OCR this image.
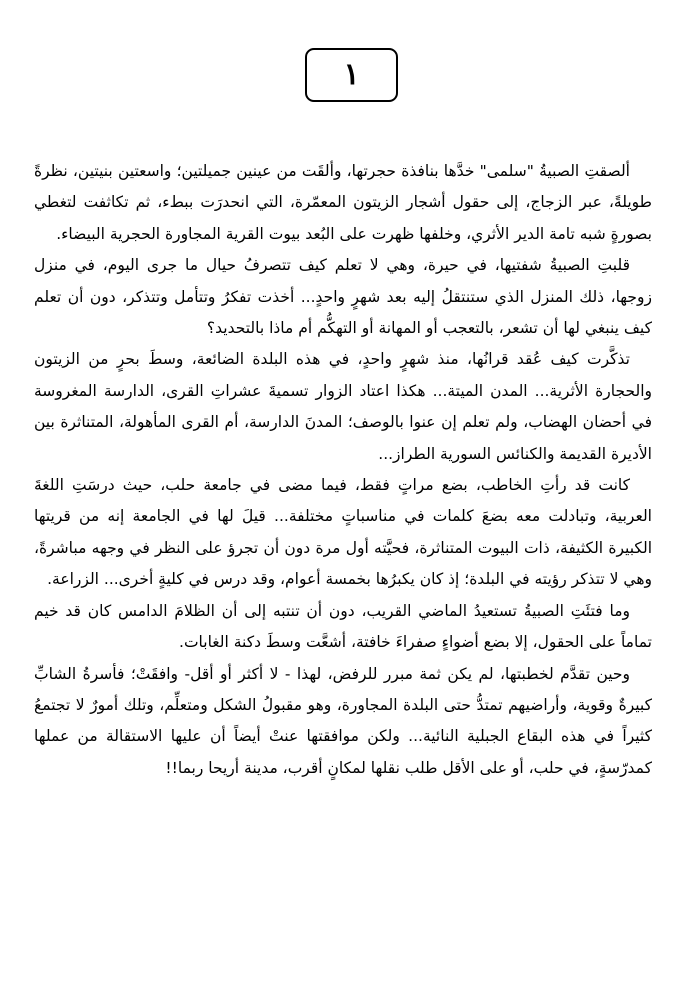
١

ألصقتِ الصبيةُ "سلمى" خدَّها بنافذة حجرتها، وألقَت من عينين جميلتين؛ واسعتين بنيتين، نظرةً طويلةً، عبر الزجاج، إلى حقول أشجار الزيتون المعمّرة، التي انحدرَت ببطء، ثم تكاثفت لتغطي بصورةٍ شبه تامة الدير الأثري، وخلفها ظهرت على البُعد بيوت القرية المجاورة الحجرية البيضاء.

قلبتِ الصبيةُ شفتيها، في حيرة، وهي لا تعلم كيف تتصرفُ حيال ما جرى اليوم، في منزل زوجها، ذلك المنزل الذي ستنتقلُ إليه بعد شهرٍ واحدٍ... أخذت تفكرُ وتتأمل وتتذكر، دون أن تعلم كيف ينبغي لها أن تشعر، بالتعجب أو المهانة أو التهكُّم أم ماذا بالتحديد؟

تذكَّرت كيف عُقد قرانُها، منذ شهرٍ واحدٍ، في هذه البلدة الضائعة، وسطَ بحرٍ من الزيتون والحجارة الأثرية... المدن الميتة... هكذا اعتاد الزوار تسميةَ عشراتِ القرى، الدارسة المغروسة في أحضان الهضاب، ولم تعلم إن عنوا بالوصف؛ المدنَ الدارسة، أم القرى المأهولة، المتناثرة بين الأديرة القديمة والكنائس السورية الطراز...

كانت قد رأتِ الخاطب، بضع مراتٍ فقط، فيما مضى في جامعة حلب، حيث درسَتِ اللغةَ العربية، وتبادلت معه بضعَ كلمات في مناسباتٍ مختلفة... قيلَ لها في الجامعة إنه من قريتها الكبيرة الكثيفة، ذات البيوت المتناثرة، فحيَّته أول مرة دون أن تجرؤ على النظر في وجهه مباشرةً، وهي لا تتذكر رؤيته في البلدة؛ إذ كان يكبرُها بخمسة أعوام، وقد درس في كليةٍ أخرى... الزراعة.

وما فتئَتِ الصبيةُ تستعيدُ الماضي القريب، دون أن تنتبه إلى أن الظلامَ الدامس كان قد خيم تماماً على الحقول، إلا بضع أضواءٍ صفراءَ خافتة، أشعَّت وسطَ دكنة الغابات.

وحين تقدَّم لخطبتها، لم يكن ثمة مبرر للرفض، لهذا - لا أكثر أو أقل- وافقَتْ؛ فأسرةُ الشابِّ كبيرةٌ وقوية، وأراضيهم تمتدُّ حتى البلدة المجاورة، وهو مقبولُ الشكل ومتعلِّم، وتلك أمورٌ لا تجتمعُ كثيراً في هذه البقاع الجبلية النائية... ولكن موافقتها عنتْ أيضاً أن عليها الاستقالة من عملها كمدرّسةٍ، في حلب، أو على الأقل طلب نقلها لمكانٍ أقرب، مدينة أريحا ربما!!
